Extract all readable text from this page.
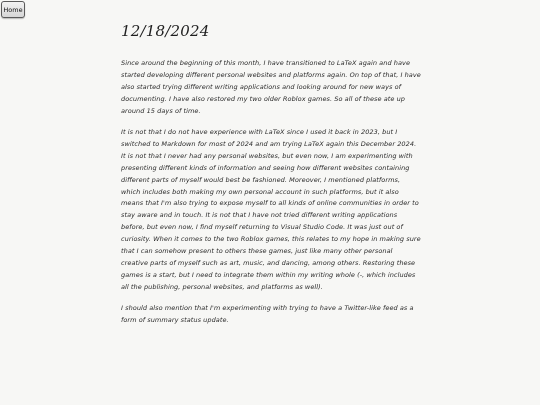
Home
12/18/2024

Since around the beginning of this month, I have transitioned to LaTeX again and have started developing different personal websites and platforms again. On top of that, I have also started trying different writing applications and looking around for new ways of documenting. I have also restored my two older Roblox games. So all of these ate up around 15 days of time.

It is not that I do not have experience with LaTeX since I used it back in 2023, but I switched to Markdown for most of 2024 and am trying LaTeX again this December 2024. It is not that I never had any personal websites, but even now, I am experimenting with presenting different kinds of information and seeing how different websites containing different parts of myself would best be fashioned. Moreover, I mentioned platforms, which includes both making my own personal account in such platforms, but it also means that I'm also trying to expose myself to all kinds of online communities in order to stay aware and in touch. It is not that I have not tried different writing applications before, but even now, I find myself returning to Visual Studio Code. It was just out of curiosity. When it comes to the two Roblox games, this relates to my hope in making sure that I can somehow present to others these games, just like many other personal creative parts of myself such as art, music, and dancing, among others. Restoring these games is a start, but I need to integrate them within my writing whole (-, which includes all the publishing, personal websites, and platforms as well).

I should also mention that I'm experimenting with trying to have a Twitter-like feed as a form of summary status update.
